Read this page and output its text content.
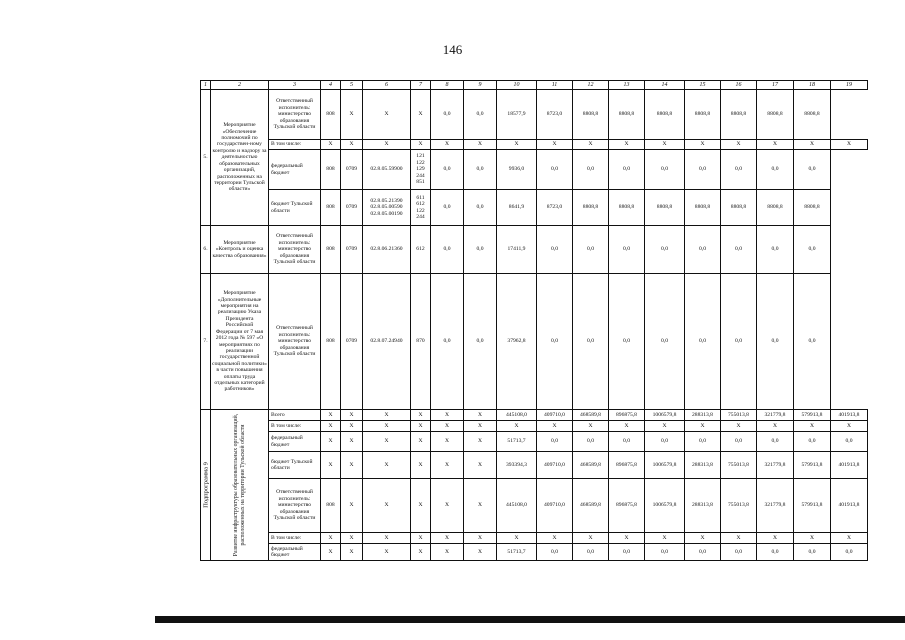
146
1	2	3	4	5	6	7	8	9	10	11	12	13	14	15	16	17	18	19
5.	Мероприятие «Обеспечение полномочий по государствен-ному контролю и надзору за деятельностью образовательных организаций, расположенных на территории Тульской области»	Ответственный исполнитель: министерство образования Тульской области	808	X	X	X	0,0	0,0	18577,9	8723,0	8808,8	8808,8	8808,8	8808,8	8808,8	8808,8	8808,8	
		В том числе:	X	X	X	X	X	X	X	X	X	X	X	X	X	X	X	X
		федеральный бюджет	808	0709	02.8.05.59900	121 122 129 244 851	0,0	0,0	9936,0	0,0	0,0	0,0	0,0	0,0	0,0	0,0	0,0	
		бюджет Тульской области	808	0709	02.8.05.21390 02.8.05.00590 02.8.05.00190	611 612 122 244	0,0	0,0	8641,9	8723,0	8808,8	8808,8	8808,8	8808,8	8808,8	8808,8	8808,8	
6.	Мероприятие «Контроль и оценка качества образования»	Ответственный исполнитель: министерство образования Тульской области	808	0709	02.8.06.21360	612	0,0	0,0	17411,9	0,0	0,0	0,0	0,0	0,0	0,0	0,0	0,0	
7.	Мероприятие «Дополнительные мероприятия на реализацию Указа Президента Российской Федерации от 7 мая 2012 года № 597 «О мероприятиях по реализации государственной социальной политики» в части повышения оплаты труда отдельных категорий работников»	Ответственный исполнитель: министерство образования Тульской области	808	0709	02.8.07.24940	870	0,0	0,0	37962,8	0,0	0,0	0,0	0,0	0,0	0,0	0,0	0,0	

Подпрограмма 9	Развитие инфраструктуры образовательных организаций, расположенных на территории Тульской области	Всего	X	X	X	X	X	X	445108,0	409710,0	468589,8	896875,8	1006579,8	288313,8	755013,8	321779,8	579913,8	401913,8
		В том числе:	X	X	X	X	X	X	X	X	X	X	X	X	X	X	X	X
		федеральный бюджет	X	X	X	X	X	X	51713,7	0,0	0,0	0,0	0,0	0,0	0,0	0,0	0,0	0,0
		бюджет Тульской области	X	X	X	X	X	X	393394,3	409710,0	468589,8	896875,8	1006579,8	288313,8	755013,8	321779,8	579913,8	401913,8
		Ответственный исполнитель: министерство образования Тульской области	808	X	X	X	X	X	445108,0	409710,0	468589,8	896875,8	1006579,8	288313,8	755013,8	321779,8	579913,8	401913,8
		В том числе:	X	X	X	X	X	X	X	X	X	X	X	X	X	X	X	X
		федеральный бюджет	X	X	X	X	X	X	51713,7	0,0	0,0	0,0	0,0	0,0	0,0	0,0	0,0	0,0
